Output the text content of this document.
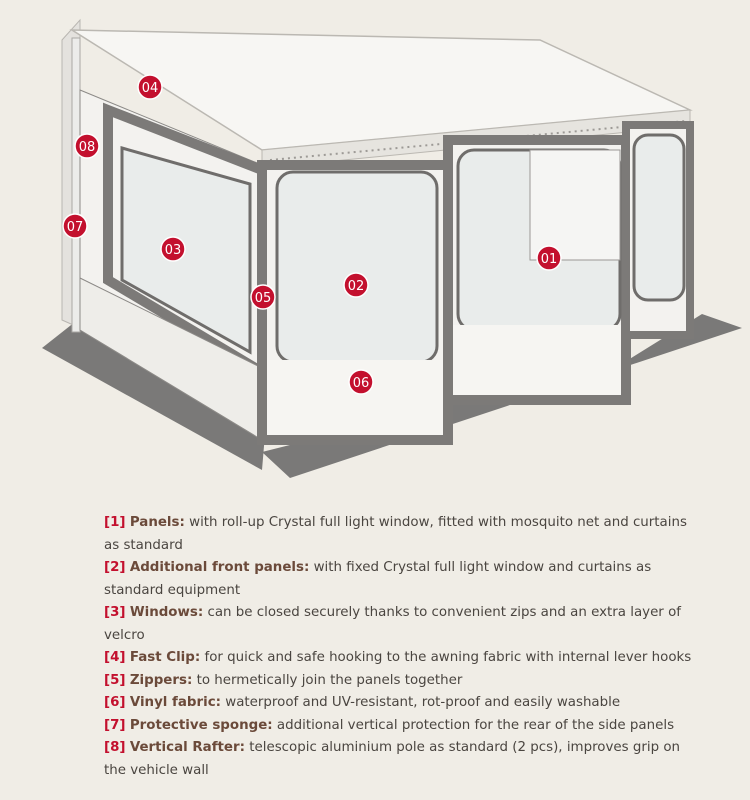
01
02
03
04
05
06
07
08
[1] Panels: with roll-up Crystal full light window, fitted with mosquito net and curtains as standard
[2] Additional front panels: with fixed Crystal full light window and curtains as standard equipment
[3] Windows: can be closed securely thanks to convenient zips and an extra layer of velcro
[4] Fast Clip: for quick and safe hooking to the awning fabric with internal lever hooks
[5] Zippers: to hermetically join the panels together
[6] Vinyl fabric: waterproof and UV-resistant, rot-proof and easily washable
[7] Protective sponge: additional vertical protection for the rear of the side panels
[8] Vertical Rafter: telescopic aluminium pole as standard (2 pcs), improves grip on the vehicle wall
